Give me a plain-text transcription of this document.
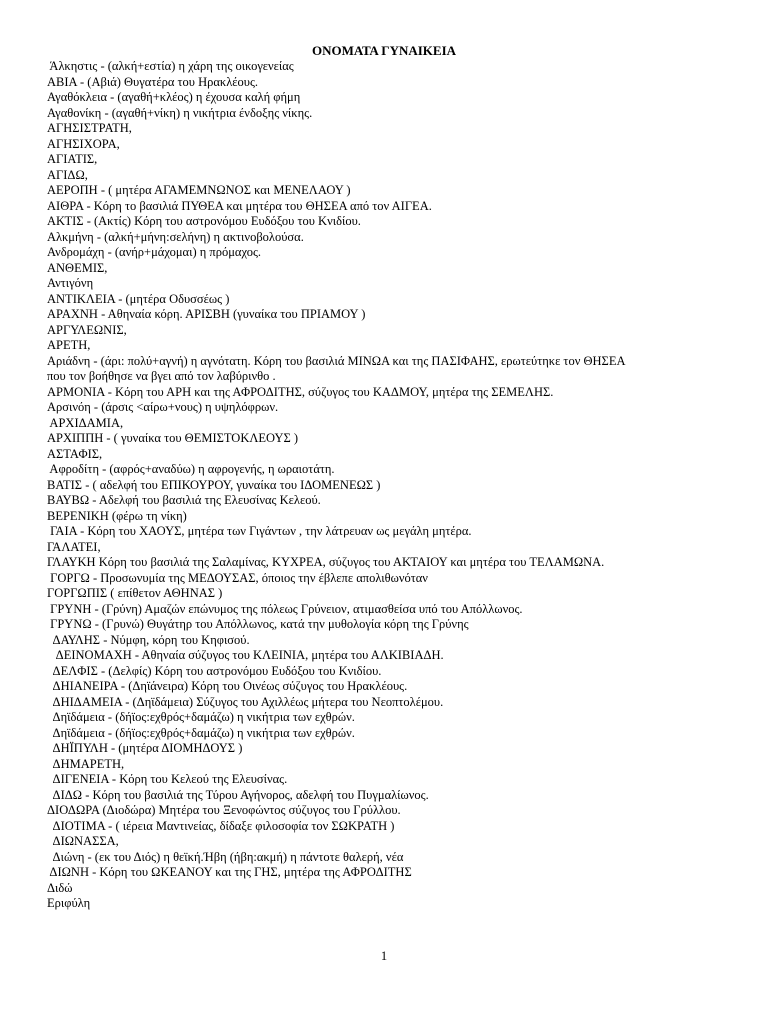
ΟΝΟΜΑΤΑ ΓΥΝΑΙΚΕΙΑ
Άλκηστις - (αλκή+εστία) η χάρη της οικογενείας
ΑΒΙΑ - (Αβιά) Θυγατέρα του Ηρακλέους.
Αγαθόκλεια - (αγαθή+κλέος) η έχουσα καλή φήμη
Αγαθονίκη - (αγαθή+νίκη) η νικήτρια ένδοξης νίκης.
ΑΓΗΣΙΣΤΡΑΤΗ,
ΑΓΗΣΙΧΟΡΑ,
ΑΓΙΑΤΙΣ,
ΑΓΙΔΩ,
ΑΕΡΟΠΗ - ( μητέρα ΑΓΑΜΕΜΝΩΝΟΣ και ΜΕΝΕΛΑΟΥ )
ΑΙΘΡΑ - Κόρη το βασιλιά ΠΥΘΕΑ και μητέρα του ΘΗΣΕΑ από τον ΑΙΓΕΑ.
ΑΚΤΙΣ - (Ακτίς) Κόρη του αστρονόμου Ευδόξου του Κνιδίου.
Αλκμήνη - (αλκή+μήνη:σελήνη) η ακτινοβολούσα.
Ανδρομάχη - (ανήρ+μάχομαι) η πρόμαχος.
ΑΝΘΕΜΙΣ,
Αντιγόνη
ΑΝΤΙΚΛΕΙΑ - (μητέρα Οδυσσέως )
ΑΡΑΧΝΗ - Αθηναία κόρη. ΑΡΙΣΒΗ (γυναίκα του ΠΡΙΑΜΟΥ )
ΑΡΓΥΛΕΩΝΙΣ,
ΑΡΕΤΗ,
Αριάδνη - (άρι: πολύ+αγνή) η αγνότατη. Κόρη του βασιλιά ΜΙΝΩΑ και της ΠΑΣΙΦΑΗΣ, ερωτεύτηκε τον ΘΗΣΕΑ
που τον βοήθησε να βγει από τον λαβύρινθο .
ΑΡΜΟΝΙΑ - Κόρη του ΑΡΗ και της ΑΦΡΟΔΙΤΗΣ, σύζυγος του ΚΑΔΜΟΥ, μητέρα της ΣΕΜΕΛΗΣ.
Αρσινόη - (άρσις <αίρω+νους) η υψηλόφρων.
ΑΡΧΙΔΑΜΙΑ,
ΑΡΧΙΠΠΗ - ( γυναίκα του ΘΕΜΙΣΤΟΚΛΕΟΥΣ )
ΑΣΤΑΦΙΣ,
Αφροδίτη - (αφρός+αναδύω) η αφρογενής, η ωραιοτάτη.
ΒΑΤΙΣ - ( αδελφή του ΕΠΙΚΟΥΡΟΥ, γυναίκα του ΙΔΟΜΕΝΕΩΣ )
ΒΑΥΒΩ - Αδελφή του βασιλιά της Ελευσίνας Κελεού.
ΒΕΡΕΝΙΚΗ (φέρω τη νίκη)
ΓΑΙΑ - Κόρη του ΧΑΟΥΣ, μητέρα των Γιγάντων , την λάτρευαν ως μεγάλη μητέρα.
ΓΑΛΑΤΕΙ,
ΓΛΑΥΚΗ Κόρη του βασιλιά της Σαλαμίνας, ΚΥΧΡΕΑ, σύζυγος του ΑΚΤΑΙΟΥ και μητέρα του ΤΕΛΑΜΩΝΑ.
ΓΟΡΓΩ - Προσωνυμία της ΜΕΔΟΥΣΑΣ, όποιος την έβλεπε απολιθωνόταν
ΓΟΡΓΩΠΙΣ ( επίθετον ΑΘΗΝΑΣ )
ΓΡΥΝΗ - (Γρύνη) Αμαζών επώνυμος της πόλεως Γρύνειον, ατιμασθείσα υπό του Απόλλωνος.
ΓΡΥΝΩ - (Γρυνώ) Θυγάτηρ του Απόλλωνος, κατά την μυθολογία κόρη της Γρύνης
ΔΑΥΛΗΣ - Νύμφη, κόρη του Κηφισού.
ΔΕΙΝΟΜΑΧΗ - Αθηναία σύζυγος του ΚΛΕΙΝΙΑ, μητέρα του ΑΛΚΙΒΙΑΔΗ.
ΔΕΛΦΙΣ - (Δελφίς) Κόρη του αστρονόμου Ευδόξου του Κνιδίου.
ΔΗΙΑΝΕΙΡΑ - (Δηϊάνειρα) Κόρη του Οινέως σύζυγος του Ηρακλέους.
ΔΗΙΔΑΜΕΙΑ - (Δηϊδάμεια) Σύζυγος του Αχιλλέως μήτερα του Νεοπτολέμου.
Δηϊδάμεια - (δήϊος:εχθρός+δαμάζω) η νικήτρια των εχθρών.
Δηϊδάμεια - (δήϊος:εχθρός+δαμάζω) η νικήτρια των εχθρών.
ΔΗΪΠΥΛΗ - (μητέρα ΔΙΟΜΗΔΟΥΣ )
ΔΗΜΑΡΕΤΗ,
ΔΙΓΕΝΕΙΑ - Κόρη του Κελεού της Ελευσίνας.
ΔΙΔΩ - Κόρη του βασιλιά της Τύρου Αγήνορος, αδελφή του Πυγμαλίωνος.
ΔΙΟΔΩΡΑ (Διοδώρα) Μητέρα του Ξενοφώντος σύζυγος του Γρύλλου.
ΔΙΟΤΙΜΑ - ( ιέρεια Μαντινείας, δίδαξε φιλοσοφία τον ΣΩΚΡΑΤΗ )
ΔΙΩΝΑΣΣΑ,
Διώνη - (εκ του Διός) η θεϊκή.Ήβη (ήβη:ακμή) η πάντοτε θαλερή, νέα
ΔΙΩΝΗ - Κόρη του ΩΚΕΑΝΟΥ και της ΓΗΣ, μητέρα της ΑΦΡΟΔΙΤΗΣ
Διδώ
Εριφύλη
1
